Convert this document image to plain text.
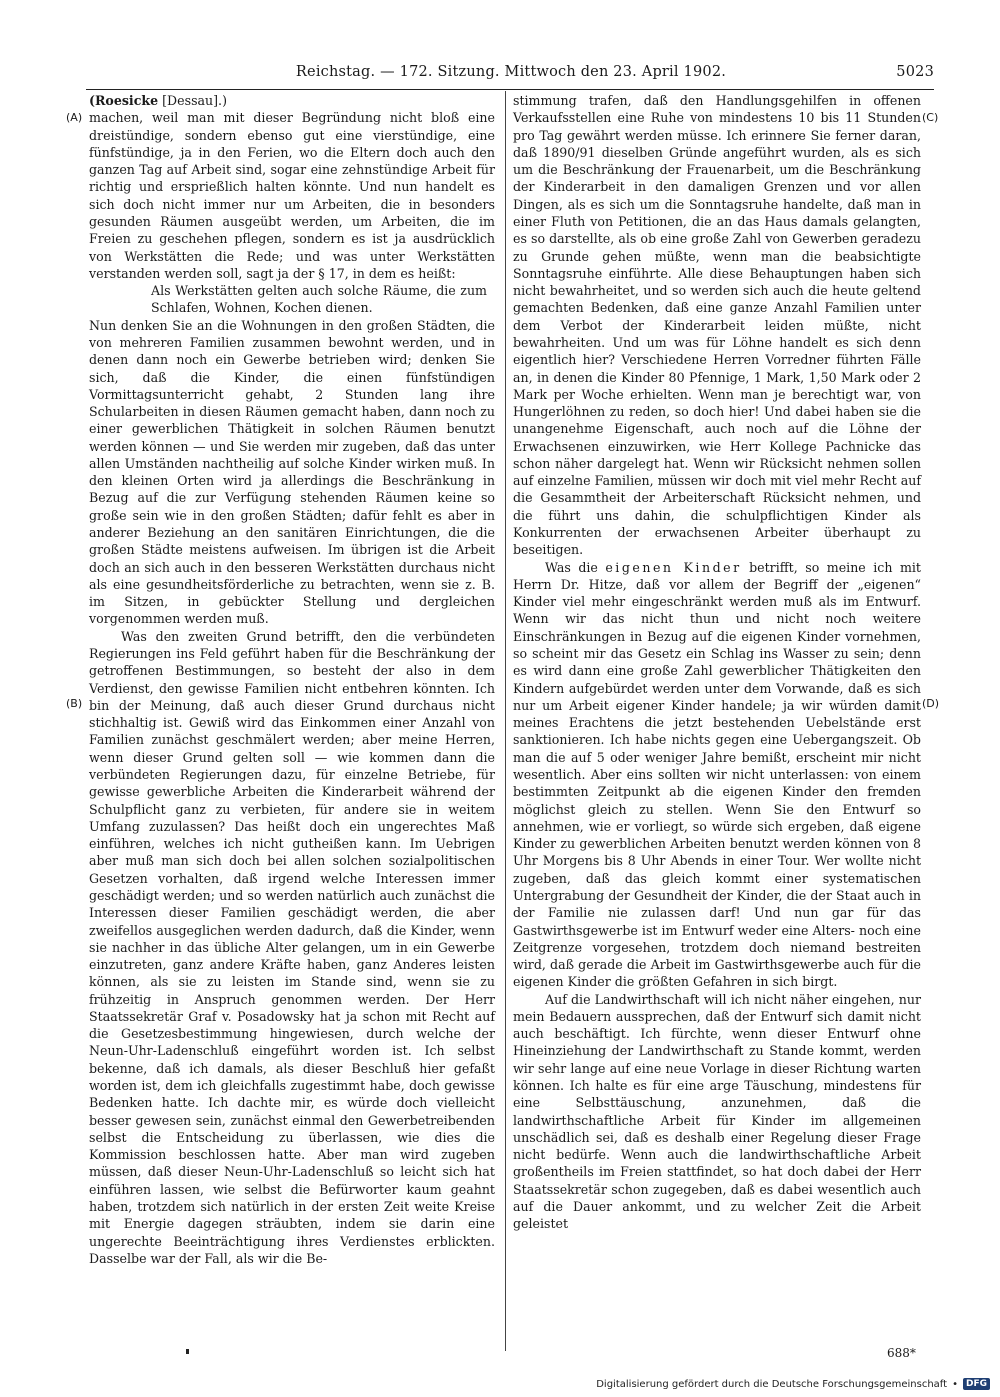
Reichstag. — 172. Sitzung. Mittwoch den 23. April 1902.	5023
(A)
(B)
(C)
(D)

(Roesicke [Dessau].)

machen, weil man mit dieser Begründung nicht bloß eine dreistündige, sondern ebenso gut eine vierstündige, eine fünfstündige, ja in den Ferien, wo die Eltern doch auch den ganzen Tag auf Arbeit sind, sogar eine zehnstündige Arbeit für richtig und ersprießlich halten könnte. Und nun handelt es sich doch nicht immer nur um Arbeiten, die in besonders gesunden Räumen ausgeübt werden, um Arbeiten, die im Freien zu geschehen pflegen, sondern es ist ja ausdrücklich von Werkstätten die Rede; und was unter Werkstätten verstanden werden soll, sagt ja der § 17, in dem es heißt:

Als Werkstätten gelten auch solche Räume, die zum Schlafen, Wohnen, Kochen dienen.

Nun denken Sie an die Wohnungen in den großen Städten, die von mehreren Familien zusammen bewohnt werden, und in denen dann noch ein Gewerbe betrieben wird; denken Sie sich, daß die Kinder, die einen fünfstündigen Vormittagsunterricht gehabt, 2 Stunden lang ihre Schularbeiten in diesen Räumen gemacht haben, dann noch zu einer gewerblichen Thätigkeit in solchen Räumen benutzt werden können — und Sie werden mir zugeben, daß das unter allen Umständen nachtheilig auf solche Kinder wirken muß. In den kleinen Orten wird ja allerdings die Beschränkung in Bezug auf die zur Verfügung stehenden Räumen keine so große sein wie in den großen Städten; dafür fehlt es aber in anderer Beziehung an den sanitären Einrichtungen, die die großen Städte meistens aufweisen. Im übrigen ist die Arbeit doch an sich auch in den besseren Werkstätten durchaus nicht als eine gesundheitsförderliche zu betrachten, wenn sie z. B. im Sitzen, in gebückter Stellung und dergleichen vorgenommen werden muß.

Was den zweiten Grund betrifft, den die verbündeten Regierungen ins Feld geführt haben für die Beschränkung der getroffenen Bestimmungen, so besteht der also in dem Verdienst, den gewisse Familien nicht entbehren könnten. Ich bin der Meinung, daß auch dieser Grund durchaus nicht stichhaltig ist. Gewiß wird das Einkommen einer Anzahl von Familien zunächst geschmälert werden; aber meine Herren, wenn dieser Grund gelten soll — wie kommen dann die verbündeten Regierungen dazu, für einzelne Betriebe, für gewisse gewerbliche Arbeiten die Kinderarbeit während der Schulpflicht ganz zu verbieten, für andere sie in weitem Umfang zuzulassen? Das heißt doch ein ungerechtes Maß einführen, welches ich nicht gutheißen kann. Im Uebrigen aber muß man sich doch bei allen solchen sozialpolitischen Gesetzen vorhalten, daß irgend welche Interessen immer geschädigt werden; und so werden natürlich auch zunächst die Interessen dieser Familien geschädigt werden, die aber zweifellos ausgeglichen werden dadurch, daß die Kinder, wenn sie nachher in das übliche Alter gelangen, um in ein Gewerbe einzutreten, ganz andere Kräfte haben, ganz Anderes leisten können, als sie zu leisten im Stande sind, wenn sie zu frühzeitig in Anspruch genommen werden. Der Herr Staatssekretär Graf v. Posadowsky hat ja schon mit Recht auf die Gesetzesbestimmung hingewiesen, durch welche der Neun-Uhr-Ladenschluß eingeführt worden ist. Ich selbst bekenne, daß ich damals, als dieser Beschluß hier gefaßt worden ist, dem ich gleichfalls zugestimmt habe, doch gewisse Bedenken hatte. Ich dachte mir, es würde doch vielleicht besser gewesen sein, zunächst einmal den Gewerbetreibenden selbst die Entscheidung zu überlassen, wie dies die Kommission beschlossen hatte. Aber man wird zugeben müssen, daß dieser Neun-Uhr-Ladenschluß so leicht sich hat einführen lassen, wie selbst die Befürworter kaum geahnt haben, trotzdem sich natürlich in der ersten Zeit weite Kreise mit Energie dagegen sträubten, indem sie darin eine ungerechte Beeinträchtigung ihres Verdienstes erblickten. Dasselbe war der Fall, als wir die Be-

stimmung trafen, daß den Handlungsgehilfen in offenen Verkaufsstellen eine Ruhe von mindestens 10 bis 11 Stunden pro Tag gewährt werden müsse. Ich erinnere Sie ferner daran, daß 1890/91 dieselben Gründe angeführt wurden, als es sich um die Beschränkung der Frauenarbeit, um die Beschränkung der Kinderarbeit in den damaligen Grenzen und vor allen Dingen, als es sich um die Sonntagsruhe handelte, daß man in einer Fluth von Petitionen, die an das Haus damals gelangten, es so darstellte, als ob eine große Zahl von Gewerben geradezu zu Grunde gehen müßte, wenn man die beabsichtigte Sonntagsruhe einführte. Alle diese Behauptungen haben sich nicht bewahrheitet, und so werden sich auch die heute geltend gemachten Bedenken, daß eine ganze Anzahl Familien unter dem Verbot der Kinderarbeit leiden müßte, nicht bewahrheiten. Und um was für Löhne handelt es sich denn eigentlich hier? Verschiedene Herren Vorredner führten Fälle an, in denen die Kinder 80 Pfennige, 1 Mark, 1,50 Mark oder 2 Mark per Woche erhielten. Wenn man je berechtigt war, von Hungerlöhnen zu reden, so doch hier! Und dabei haben sie die unangenehme Eigenschaft, auch noch auf die Löhne der Erwachsenen einzuwirken, wie Herr Kollege Pachnicke das schon näher dargelegt hat. Wenn wir Rücksicht nehmen sollen auf einzelne Familien, müssen wir doch mit viel mehr Recht auf die Gesammtheit der Arbeiterschaft Rücksicht nehmen, und die führt uns dahin, die schulpflichtigen Kinder als Konkurrenten der erwachsenen Arbeiter überhaupt zu beseitigen.

Was die eigenen Kinder betrifft, so meine ich mit Herrn Dr. Hitze, daß vor allem der Begriff der „eigenen“ Kinder viel mehr eingeschränkt werden muß als im Entwurf. Wenn wir das nicht thun und nicht noch weitere Einschränkungen in Bezug auf die eigenen Kinder vornehmen, so scheint mir das Gesetz ein Schlag ins Wasser zu sein; denn es wird dann eine große Zahl gewerblicher Thätigkeiten den Kindern aufgebürdet werden unter dem Vorwande, daß es sich nur um Arbeit eigener Kinder handele; ja wir würden damit meines Erachtens die jetzt bestehenden Uebelstände erst sanktionieren. Ich habe nichts gegen eine Uebergangszeit. Ob man die auf 5 oder weniger Jahre bemißt, erscheint mir nicht wesentlich. Aber eins sollten wir nicht unterlassen: von einem bestimmten Zeitpunkt ab die eigenen Kinder den fremden möglichst gleich zu stellen. Wenn Sie den Entwurf so annehmen, wie er vorliegt, so würde sich ergeben, daß eigene Kinder zu gewerblichen Arbeiten benutzt werden können von 8 Uhr Morgens bis 8 Uhr Abends in einer Tour. Wer wollte nicht zugeben, daß das gleich kommt einer systematischen Untergrabung der Gesundheit der Kinder, die der Staat auch in der Familie nie zulassen darf! Und nun gar für das Gastwirthsgewerbe ist im Entwurf weder eine Alters- noch eine Zeitgrenze vorgesehen, trotzdem doch niemand bestreiten wird, daß gerade die Arbeit im Gastwirthsgewerbe auch für die eigenen Kinder die größten Gefahren in sich birgt.

Auf die Landwirthschaft will ich nicht näher eingehen, nur mein Bedauern aussprechen, daß der Entwurf sich damit nicht auch beschäftigt. Ich fürchte, wenn dieser Entwurf ohne Hineinziehung der Landwirthschaft zu Stande kommt, werden wir sehr lange auf eine neue Vorlage in dieser Richtung warten können. Ich halte es für eine arge Täuschung, mindestens für eine Selbsttäuschung, anzunehmen, daß die landwirthschaftliche Arbeit für Kinder im allgemeinen unschädlich sei, daß es deshalb einer Regelung dieser Frage nicht bedürfe. Wenn auch die landwirthschaftliche Arbeit großentheils im Freien stattfindet, so hat doch dabei der Herr Staatssekretär schon zugegeben, daß es dabei wesentlich auch auf die Dauer ankommt, und zu welcher Zeit die Arbeit geleistet

688*
Digitalisierung gefördert durch die Deutsche Forschungsgemeinschaft • DFG
